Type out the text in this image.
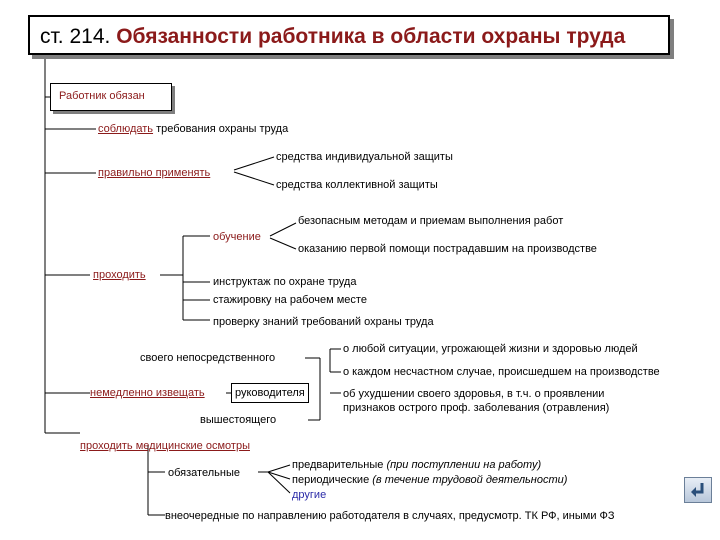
ст. 214. Обязанности работника в области охраны труда
Работник обязан
соблюдать требования охраны труда
правильно применять
средства индивидуальной защиты
средства коллективной защиты
проходить
обучение
безопасным методам и приемам выполнения работ
оказанию первой помощи пострадавшим на производстве
инструктаж по охране труда
стажировку на рабочем месте
проверку знаний требований охраны труда
своего непосредственного
немедленно извещать	руководителя
вышестоящего
о любой ситуации, угрожающей жизни и здоровью людей
о каждом несчастном случае, происшедшем на производстве
об ухудшении своего здоровья, в т.ч. о проявлении
признаков острого проф. заболевания (отравления)
проходить медицинские осмотры
обязательные
предварительные (при поступлении на работу)
периодические (в течение трудовой деятельности)
другие
внеочередные по направлению работодателя в случаях, предусмотр. ТК РФ, иными ФЗ
